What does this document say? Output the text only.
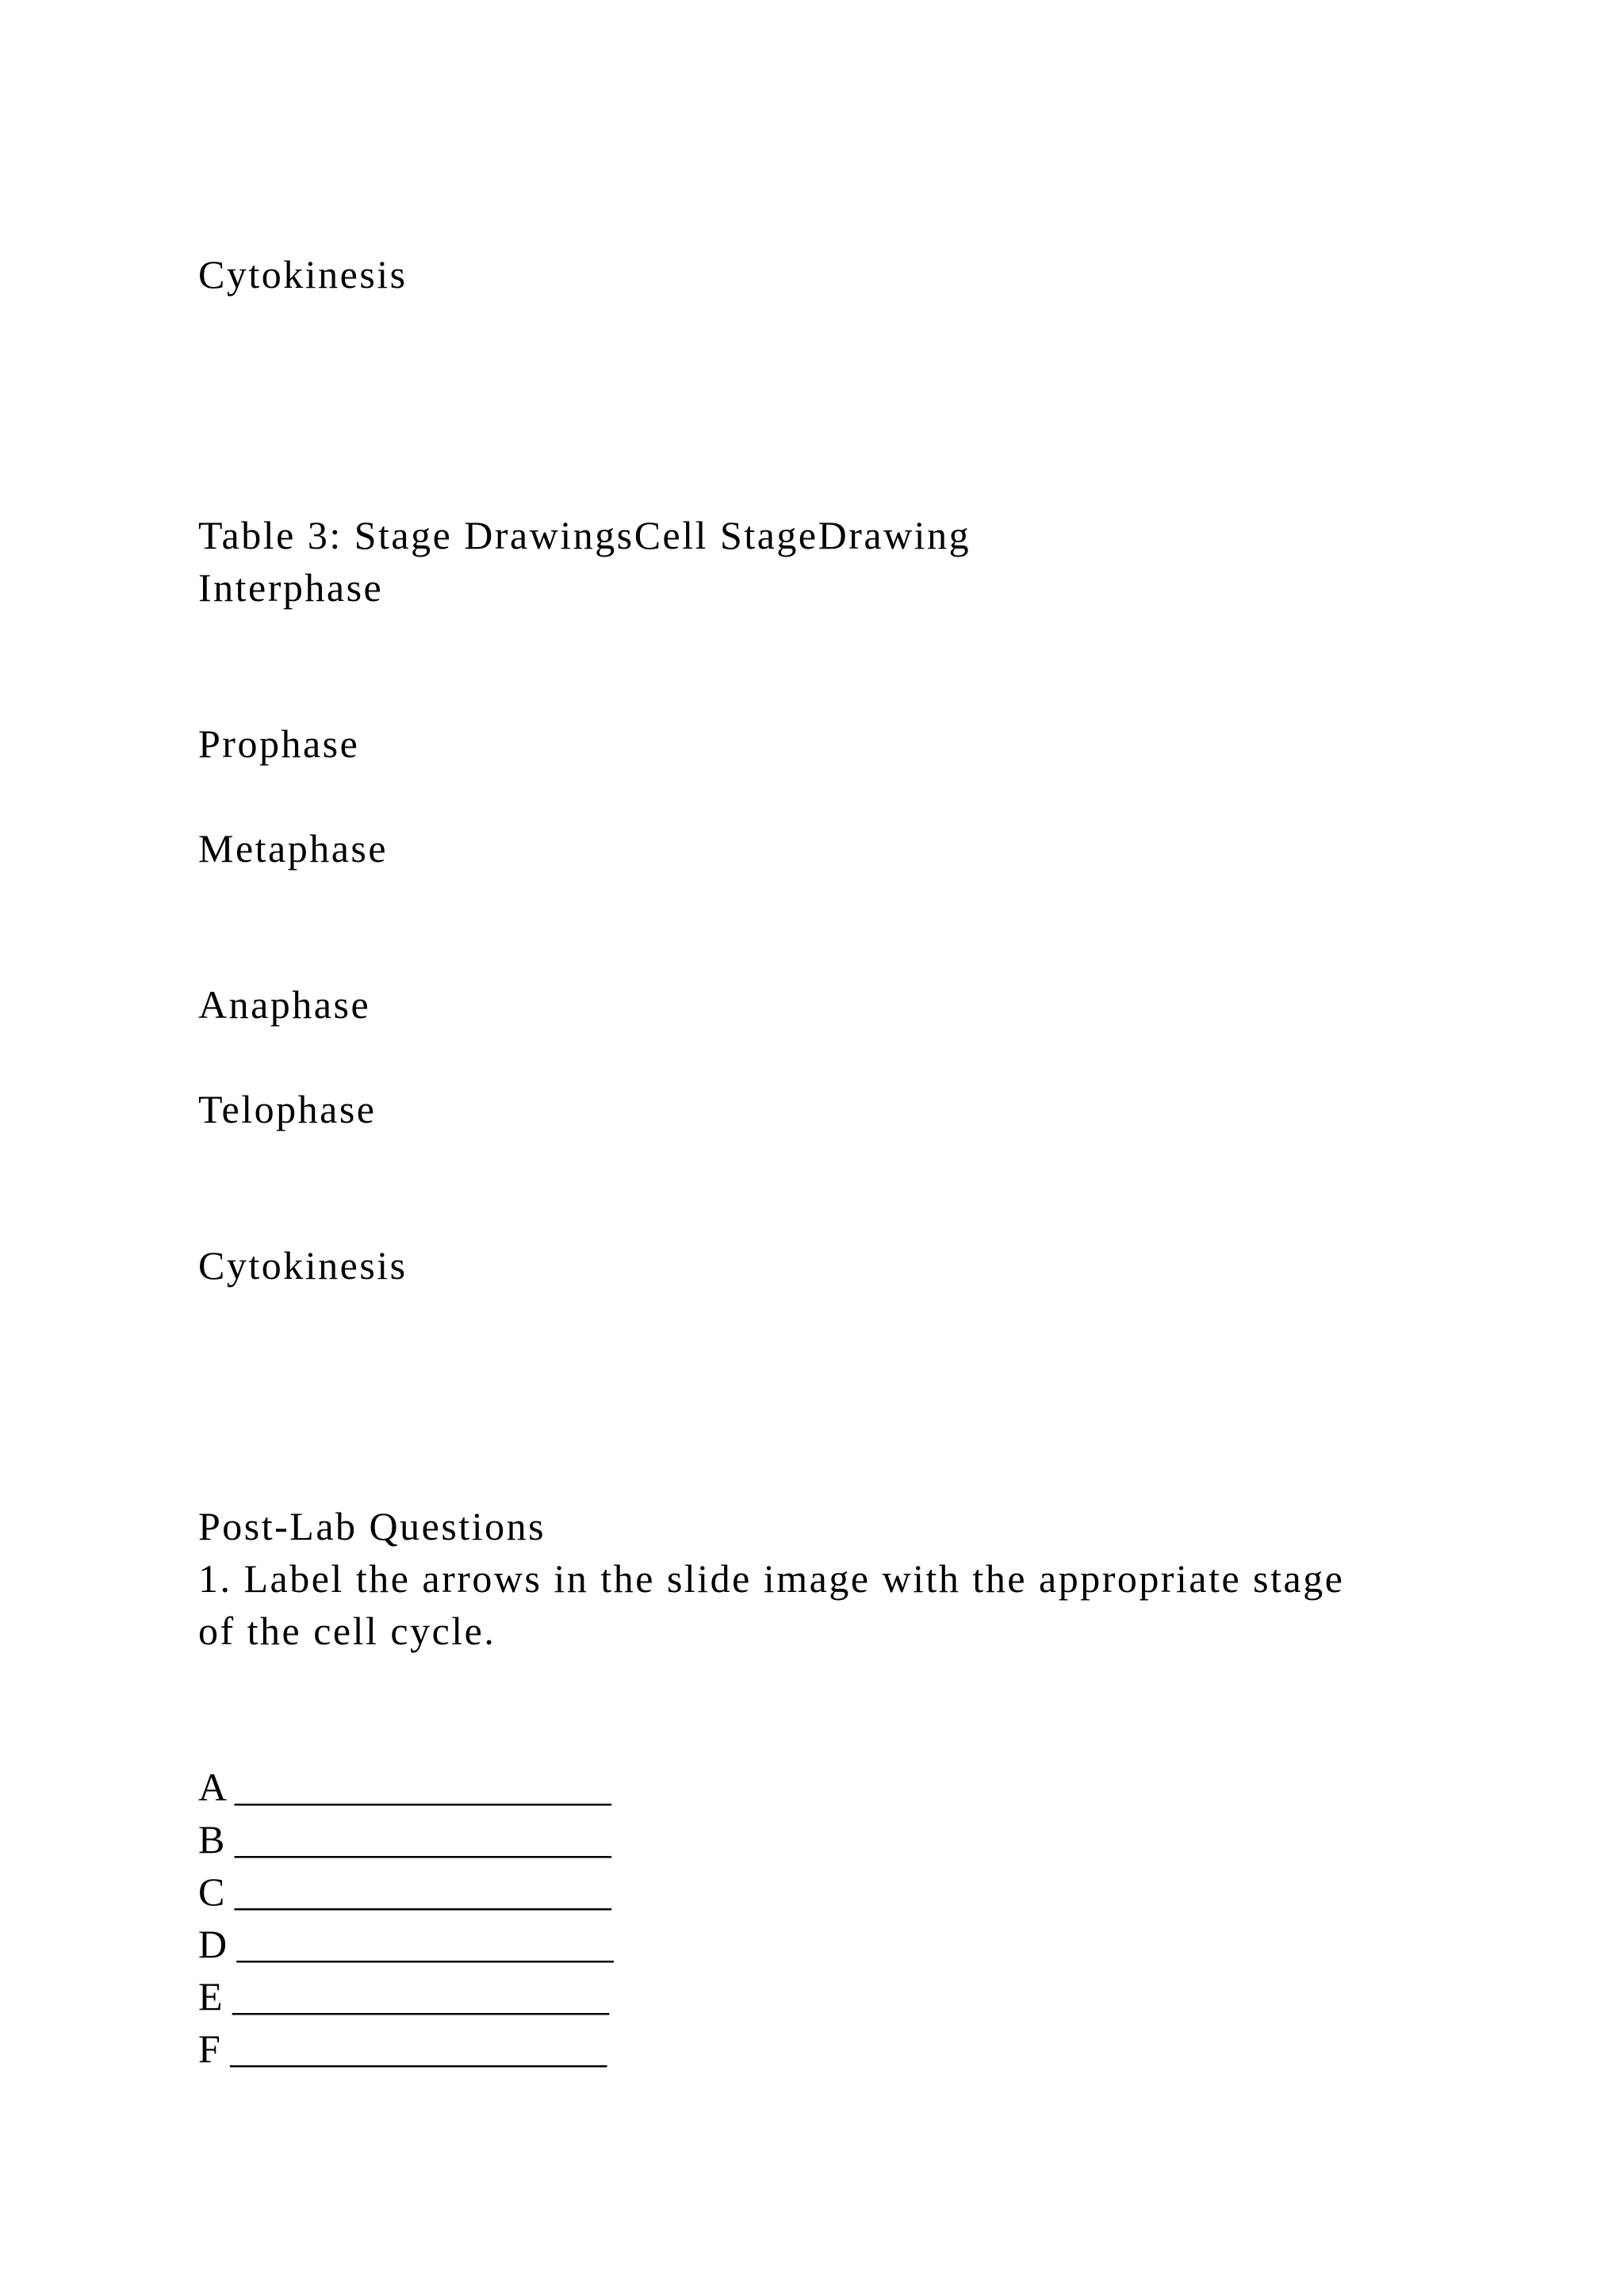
Cytokinesis
Table 3: Stage DrawingsCell StageDrawing
Interphase
Prophase
Metaphase
Anaphase
Telophase
Cytokinesis
Post-Lab Questions
1. Label the arrows in the slide image with the appropriate stage
of the cell cycle.
A ___________________
B ___________________
C ___________________
D ___________________
E ___________________
F ___________________
